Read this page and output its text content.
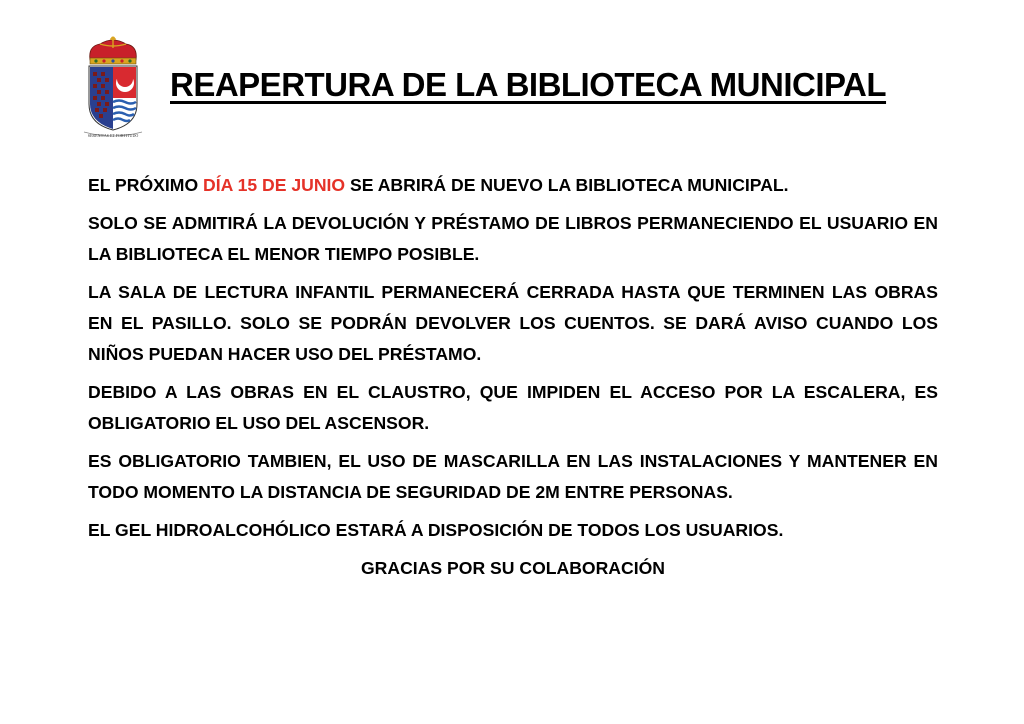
SERENITAS ET FORTITUDO
REAPERTURA DE LA BIBLIOTECA MUNICIPAL

EL PRÓXIMO DÍA 15 DE JUNIO SE ABRIRÁ DE NUEVO LA BIBLIOTECA MUNICIPAL.

SOLO SE ADMITIRÁ LA DEVOLUCIÓN Y PRÉSTAMO DE LIBROS PERMANECIENDO EL USUARIO EN LA BIBLIOTECA EL MENOR TIEMPO POSIBLE.

LA SALA DE LECTURA INFANTIL PERMANECERÁ CERRADA HASTA QUE TERMINEN LAS OBRAS EN EL PASILLO. SOLO SE PODRÁN DEVOLVER LOS CUENTOS. SE DARÁ AVISO CUANDO LOS NIÑOS PUEDAN HACER USO DEL PRÉSTAMO.

DEBIDO A LAS OBRAS EN EL CLAUSTRO, QUE IMPIDEN EL ACCESO POR LA ESCALERA, ES OBLIGATORIO EL USO DEL ASCENSOR.

ES OBLIGATORIO TAMBIEN, EL USO DE MASCARILLA EN LAS INSTALACIONES Y MANTENER EN TODO MOMENTO LA DISTANCIA DE SEGURIDAD DE 2M ENTRE PERSONAS.

EL GEL HIDROALCOHÓLICO ESTARÁ A DISPOSICIÓN DE TODOS LOS USUARIOS.

GRACIAS POR SU COLABORACIÓN
